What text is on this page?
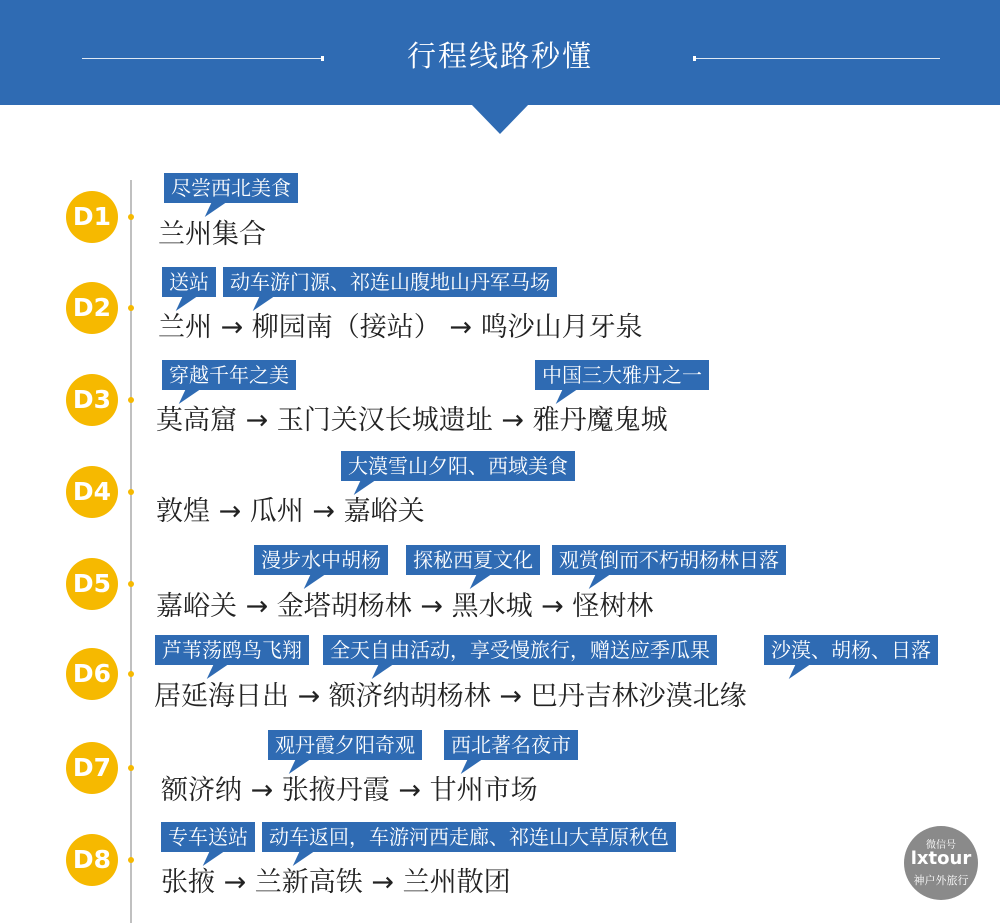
行程线路秒懂
D1
尽尝西北美食
兰州集合
D2
送站	动车游门源、祁连山腹地山丹军马场
兰州 → 柳园南（接站） → 鸣沙山月牙泉
D3
穿越千年之美	中国三大雅丹之一
莫高窟 → 玉门关汉长城遗址 → 雅丹魔鬼城
D4
大漠雪山夕阳、西域美食
敦煌 → 瓜州 → 嘉峪关
D5
漫步水中胡杨	探秘西夏文化	观赏倒而不朽胡杨林日落
嘉峪关 → 金塔胡杨林 → 黑水城 → 怪树林
D6
芦苇荡鸥鸟飞翔	全天自由活动，享受慢旅行，赠送应季瓜果	沙漠、胡杨、日落
居延海日出 → 额济纳胡杨林 → 巴丹吉林沙漠北缘
D7
观丹霞夕阳奇观	西北著名夜市
额济纳 → 张掖丹霞 → 甘州市场
D8
专车送站	动车返回，车游河西走廊、祁连山大草原秋色
张掖 → 兰新高铁 → 兰州散团
微信号
lxtour
神户外旅行
